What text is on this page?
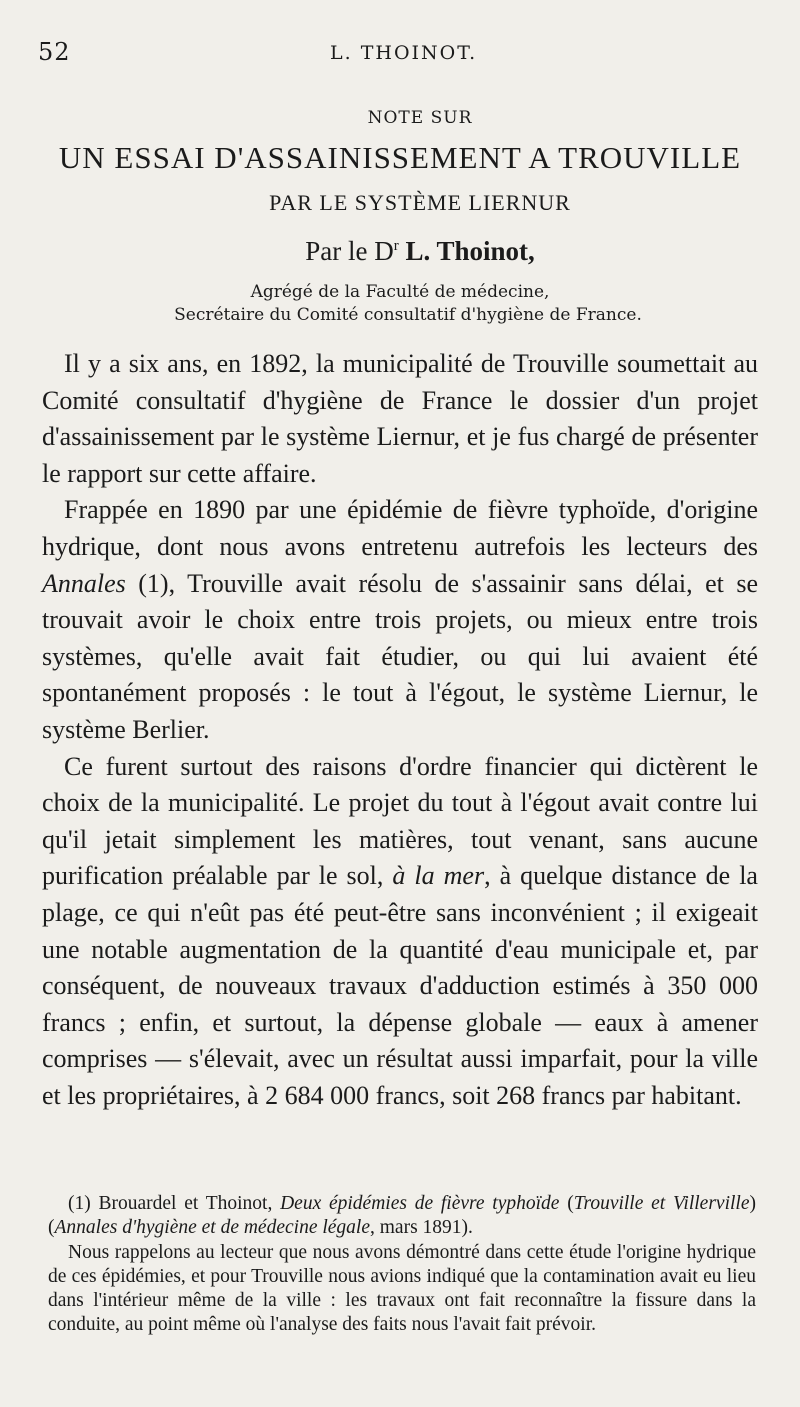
52	L. THOINOT.
NOTE SUR
UN ESSAI D'ASSAINISSEMENT A TROUVILLE
PAR LE SYSTÈME LIERNUR
Par le $D^r$ L. Thoinot,
Agrégé de la Faculté de médecine,
Secrétaire du Comité consultatif d'hygiène de France.

Il y a six ans, en 1892, la municipalité de Trouville soumettait au Comité consultatif d'hygiène de France le dossier d'un projet d'assainissement par le système Liernur, et je fus chargé de présenter le rapport sur cette affaire.

Frappée en 1890 par une épidémie de fièvre typhoïde, d'origine hydrique, dont nous avons entretenu autrefois les lecteurs des Annales (1), Trouville avait résolu de s'assainir sans délai, et se trouvait avoir le choix entre trois projets, ou mieux entre trois systèmes, qu'elle avait fait étudier, ou qui lui avaient été spontanément proposés : le tout à l'égout, le système Liernur, le système Berlier.

Ce furent surtout des raisons d'ordre financier qui dictèrent le choix de la municipalité. Le projet du tout à l'égout avait contre lui qu'il jetait simplement les matières, tout venant, sans aucune purification préalable par le sol, à la mer, à quelque distance de la plage, ce qui n'eût pas été peut-être sans inconvénient ; il exigeait une notable augmentation de la quantité d'eau municipale et, par conséquent, de nouveaux travaux d'adduction estimés à 350 000 francs ; enfin, et surtout, la dépense globale — eaux à amener comprises — s'élevait, avec un résultat aussi imparfait, pour la ville et les propriétaires, à 2 684 000 francs, soit 268 francs par habitant.

(1) Brouardel et Thoinot, Deux épidémies de fièvre typhoïde (Trouville et Villerville) (Annales d'hygiène et de médecine légale, mars 1891).

Nous rappelons au lecteur que nous avons démontré dans cette étude l'origine hydrique de ces épidémies, et pour Trouville nous avions indiqué que la contamination avait eu lieu dans l'intérieur même de la ville : les travaux ont fait reconnaître la fissure dans la conduite, au point même où l'analyse des faits nous l'avait fait prévoir.
